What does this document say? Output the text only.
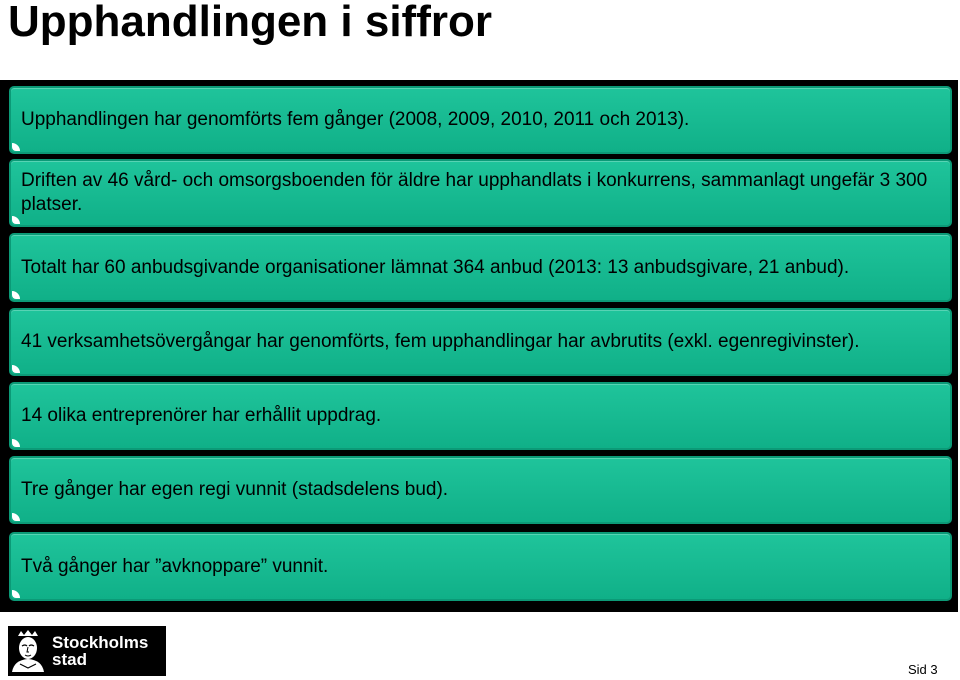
Upphandlingen i siffror
Upphandlingen har genomförts fem gånger (2008, 2009, 2010, 2011 och 2013).
Driften av 46 vård- och omsorgsboenden för äldre har upphandlats i konkurrens, sammanlagt ungefär 3 300 platser.
Totalt har 60 anbudsgivande organisationer lämnat 364 anbud (2013: 13 anbudsgivare, 21 anbud).
41 verksamhetsövergångar har genomförts, fem upphandlingar har avbrutits (exkl. egenregivinster).
14 olika entreprenörer har erhållit uppdrag.
Tre gånger har egen regi vunnit (stadsdelens bud).
Två gånger har ”avknoppare” vunnit.
Stockholms
stad
Sid 3
